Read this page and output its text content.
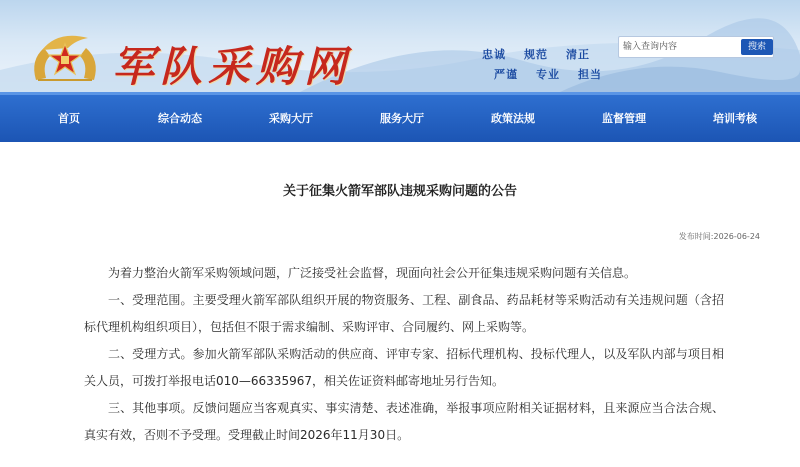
军队采购网	忠诚 规范 清正
严谨 专业 担当
输入查询内容
搜索
首页	综合动态	采购大厅	服务大厅	政策法规	监督管理	培训考核
关于征集火箭军部队违规采购问题的公告
发布时间:2026-06-24

为着力整治火箭军采购领域问题，广泛接受社会监督，现面向社会公开征集违规采购问题有关信息。

一、受理范围。主要受理火箭军部队组织开展的物资服务、工程、副食品、药品耗材等采购活动有关违规问题（含招标代理机构组织项目），包括但不限于需求编制、采购评审、合同履约、网上采购等。

二、受理方式。参加火箭军部队采购活动的供应商、评审专家、招标代理机构、投标代理人，以及军队内部与项目相关人员，可拨打举报电话010—66335967，相关佐证资料邮寄地址另行告知。

三、其他事项。反馈问题应当客观真实、事实清楚、表述准确，举报事项应附相关证据材料，且来源应当合法合规、真实有效，否则不予受理。受理截止时间2026年11月30日。
